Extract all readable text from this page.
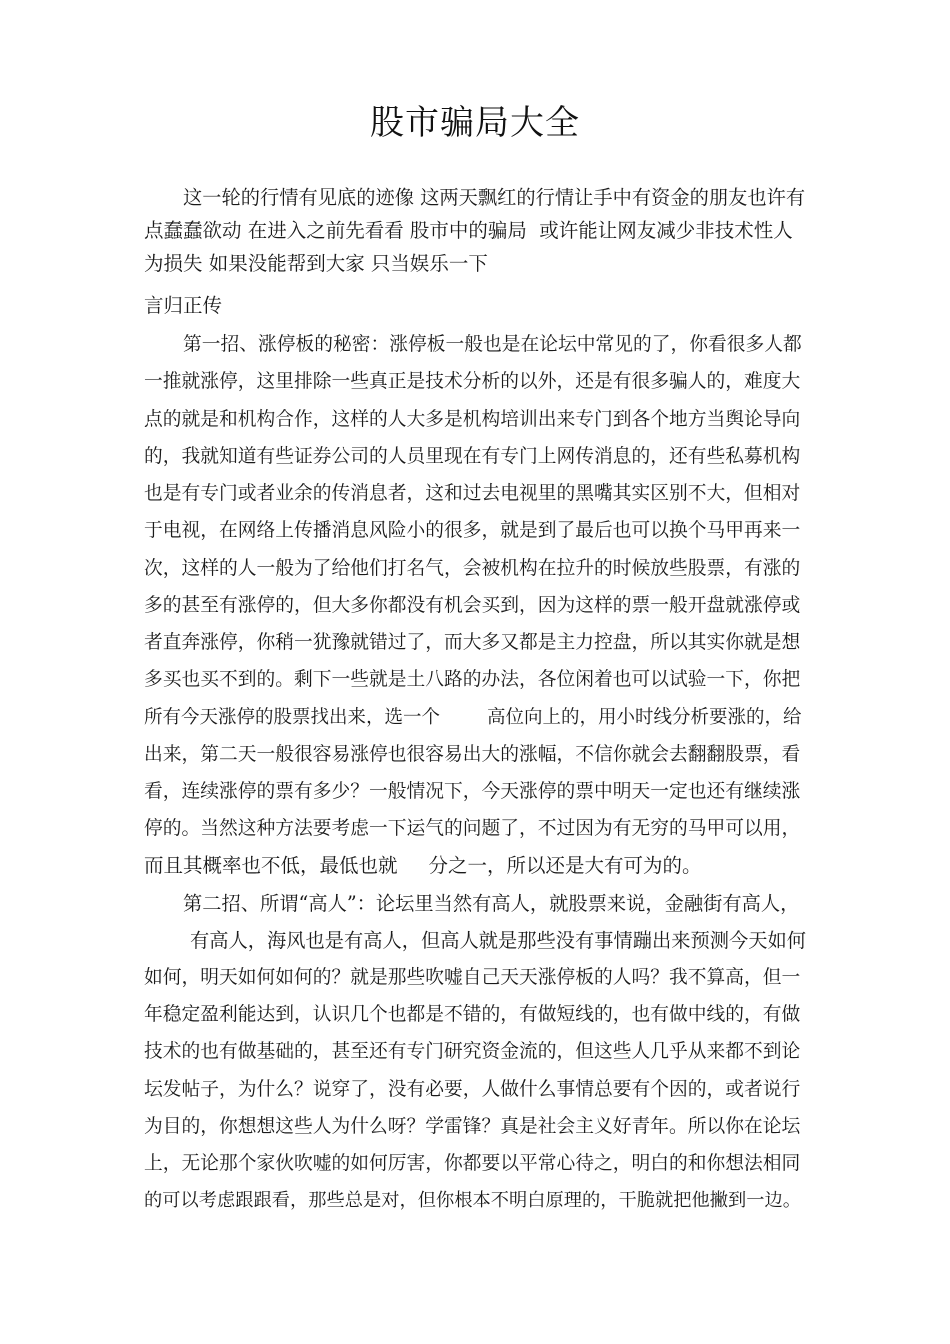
股市骗局大全
这一轮的行情有见底的迹像 这两天飘红的行情让手中有资金的朋友也许有
点蠢蠢欲动 在进入之前先看看 股市中的骗局  或许能让网友减少非技术性人
为损失 如果没能帮到大家 只当娱乐一下
言归正传
第一招、涨停板的秘密：涨停板一般也是在论坛中常见的了，你看很多人都
一推就涨停，这里排除一些真正是技术分析的以外，还是有很多骗人的，难度大
点的就是和机构合作，这样的人大多是机构培训出来专门到各个地方当舆论导向
的，我就知道有些证券公司的人员里现在有专门上网传消息的，还有些私募机构
也是有专门或者业余的传消息者，这和过去电视里的黑嘴其实区别不大，但相对
于电视，在网络上传播消息风险小的很多，就是到了最后也可以换个马甲再来一
次，这样的人一般为了给他们打名气，会被机构在拉升的时候放些股票，有涨的
多的甚至有涨停的，但大多你都没有机会买到，因为这样的票一般开盘就涨停或
者直奔涨停，你稍一犹豫就错过了，而大多又都是主力控盘，所以其实你就是想
多买也买不到的。剩下一些就是土八路的办法，各位闲着也可以试验一下，你把
所有今天涨停的股票找出来，选一个        高位向上的，用小时线分析要涨的，给
出来，第二天一般很容易涨停也很容易出大的涨幅，不信你就会去翻翻股票，看
看，连续涨停的票有多少？一般情况下，今天涨停的票中明天一定也还有继续涨
停的。当然这种方法要考虑一下运气的问题了，不过因为有无穷的马甲可以用，
而且其概率也不低，最低也就     分之一，所以还是大有可为的。
第二招、所谓“高人”：论坛里当然有高人，就股票来说，金融街有高人，
有高人，海风也是有高人，但高人就是那些没有事情蹦出来预测今天如何
如何，明天如何如何的？就是那些吹嘘自己天天涨停板的人吗？我不算高，但一
年稳定盈利能达到，认识几个也都是不错的，有做短线的，也有做中线的，有做
技术的也有做基础的，甚至还有专门研究资金流的，但这些人几乎从来都不到论
坛发帖子，为什么？说穿了，没有必要，人做什么事情总要有个因的，或者说行
为目的，你想想这些人为什么呀？学雷锋？真是社会主义好青年。所以你在论坛
上，无论那个家伙吹嘘的如何厉害，你都要以平常心待之，明白的和你想法相同
的可以考虑跟跟看，那些总是对，但你根本不明白原理的，干脆就把他撇到一边。
